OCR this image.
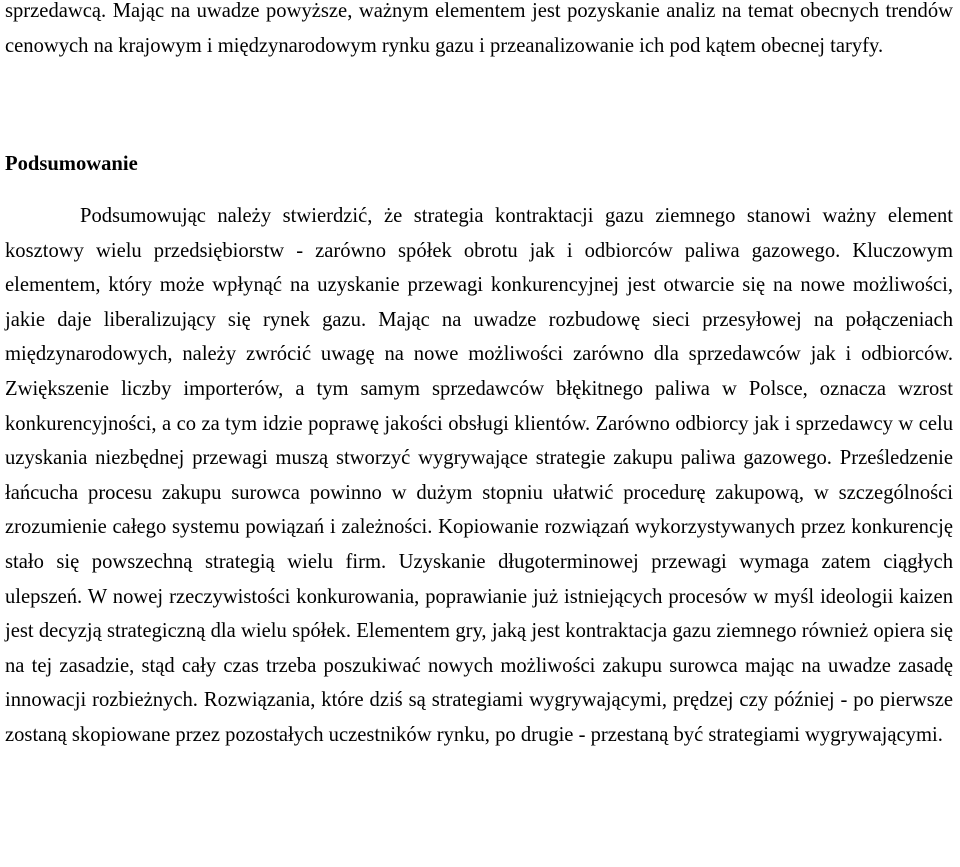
sprzedawcą. Mając na uwadze powyższe, ważnym elementem jest pozyskanie analiz na temat obecnych trendów cenowych na krajowym i międzynarodowym rynku gazu i przeanalizowanie ich pod kątem obecnej taryfy.

Podsumowanie

Podsumowując należy stwierdzić, że strategia kontraktacji gazu ziemnego stanowi ważny element kosztowy wielu przedsiębiorstw - zarówno spółek obrotu jak i odbiorców paliwa gazowego. Kluczowym elementem, który może wpłynąć na uzyskanie przewagi konkurencyjnej jest otwarcie się na nowe możliwości, jakie daje liberalizujący się rynek gazu. Mając na uwadze rozbudowę sieci przesyłowej na połączeniach międzynarodowych, należy zwrócić uwagę na nowe możliwości zarówno dla sprzedawców jak i odbiorców. Zwiększenie liczby importerów, a tym samym sprzedawców błękitnego paliwa w Polsce, oznacza wzrost konkurencyjności, a co za tym idzie poprawę jakości obsługi klientów. Zarówno odbiorcy jak i sprzedawcy w celu uzyskania niezbędnej przewagi muszą stworzyć wygrywające strategie zakupu paliwa gazowego. Prześledzenie łańcucha procesu zakupu surowca powinno w dużym stopniu ułatwić procedurę zakupową, w szczególności zrozumienie całego systemu powiązań i zależności. Kopiowanie rozwiązań wykorzystywanych przez konkurencję stało się powszechną strategią wielu firm. Uzyskanie długoterminowej przewagi wymaga zatem ciągłych ulepszeń. W nowej rzeczywistości konkurowania, poprawianie już istniejących procesów w myśl ideologii kaizen jest decyzją strategiczną dla wielu spółek. Elementem gry, jaką jest kontraktacja gazu ziemnego również opiera się na tej zasadzie, stąd cały czas trzeba poszukiwać nowych możliwości zakupu surowca mając na uwadze zasadę innowacji rozbieżnych. Rozwiązania, które dziś są strategiami wygrywającymi, prędzej czy później - po pierwsze zostaną skopiowane przez pozostałych uczestników rynku, po drugie - przestaną być strategiami wygrywającymi.
